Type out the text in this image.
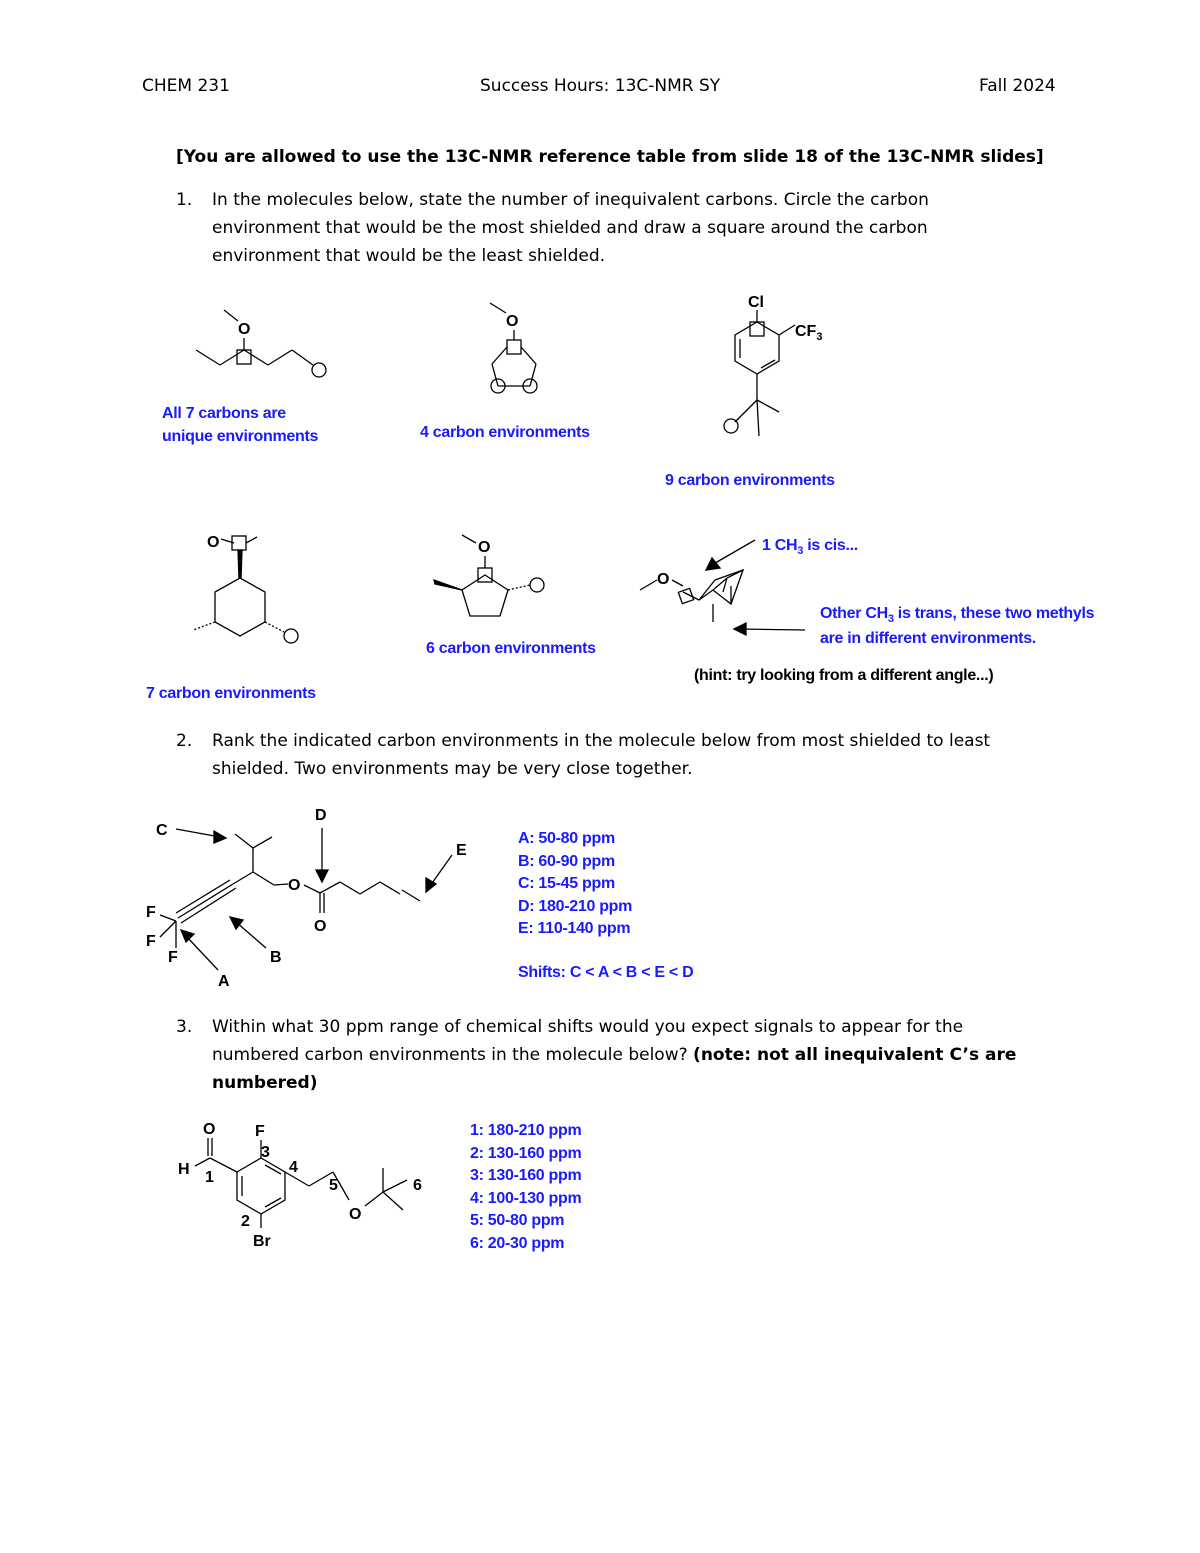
CHEM 231	Success Hours: 13C-NMR SY	Fall 2024
[You are allowed to use the 13C-NMR reference table from slide 18 of the 13C-NMR slides]
1. In the molecules below, state the number of inequivalent carbons. Circle the carbon environment that would be the most shielded and draw a square around the carbon environment that would be the least shielded.
O
All 7 carbons are
unique environments
O
4 carbon environments
Cl
$CF_3$
9 carbon environments
O
7 carbon environments
O
6 carbon environments
O
1 $CH_3$ is cis...
Other $CH_3$ is trans, these two methyls
are in different environments.
(hint: try looking from a different angle...)
2. Rank the indicated carbon environments in the molecule below from most shielded to least shielded. Two environments may be very close together.
C
O
O
F
F
F
D
E
B
A
A: 50-80 ppm
B: 60-90 ppm
C: 15-45 ppm
D: 180-210 ppm
E: 110-140 ppm
Shifts: C < A < B < E < D
3. Within what 30 ppm range of chemical shifts would you expect signals to appear for the numbered carbon environments in the molecule below? (note: not all inequivalent C’s are numbered)
O
H 1
F
3
4
Br
2
5
O
6
1: 180-210 ppm
2: 130-160 ppm
3: 130-160 ppm
4: 100-130 ppm
5: 50-80 ppm
6: 20-30 ppm
